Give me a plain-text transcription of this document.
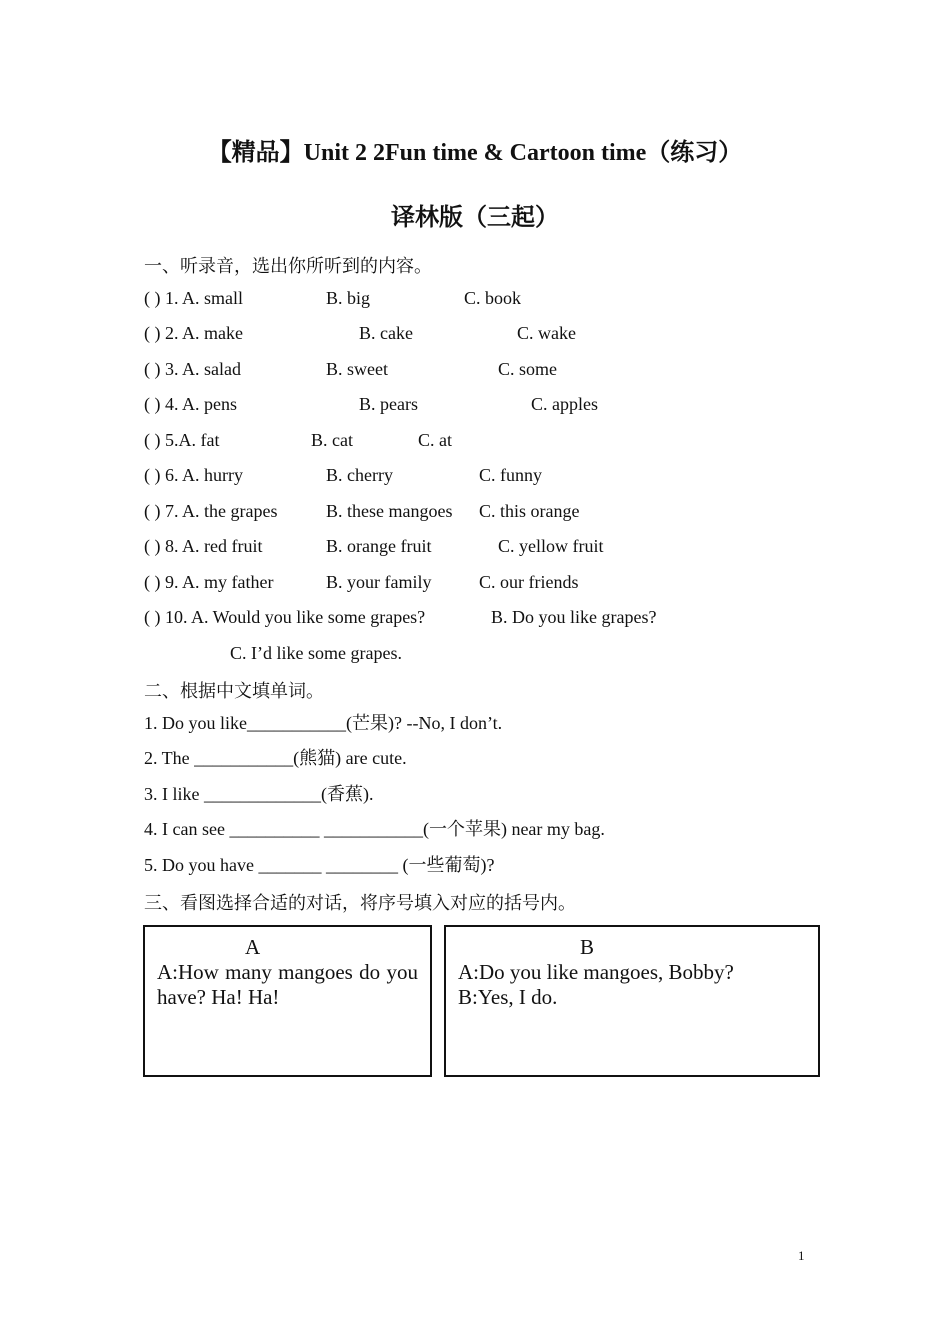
【精品】Unit 2 2Fun time & Cartoon time（练习）
译林版（三起）
一、听录音，选出你所听到的内容。
( ) 1. A. small	B. big	C. book
( ) 2. A. make	B. cake	C. wake
( ) 3. A. salad	B. sweet	C. some
( ) 4. A. pens	B. pears	C. apples
( ) 5.A. fat	B. cat	C. at
( ) 6. A. hurry	B. cherry	C. funny
( ) 7. A. the grapes	B. these mangoes C. this orange
( ) 8. A. red fruit	B. orange fruit	C. yellow fruit
( ) 9. A. my father	B. your family	C. our friends
( ) 10. A. Would you like some grapes?	B. Do you like grapes?
C. I’d like some grapes.
二、根据中文填单词。
1. Do you like___________(芒果)? --No, I don’t.
2. The ___________(熊猫) are cute.
3. I like _____________(香蕉).
4. I can see __________ ___________(一个苹果) near my bag.
5. Do you have _______ ________ (一些葡萄)?
三、看图选择合适的对话，将序号填入对应的括号内。
A
A:How many mangoes do you have? Ha! Ha!
B
A:Do you like mangoes, Bobby?
B:Yes, I do.
1
